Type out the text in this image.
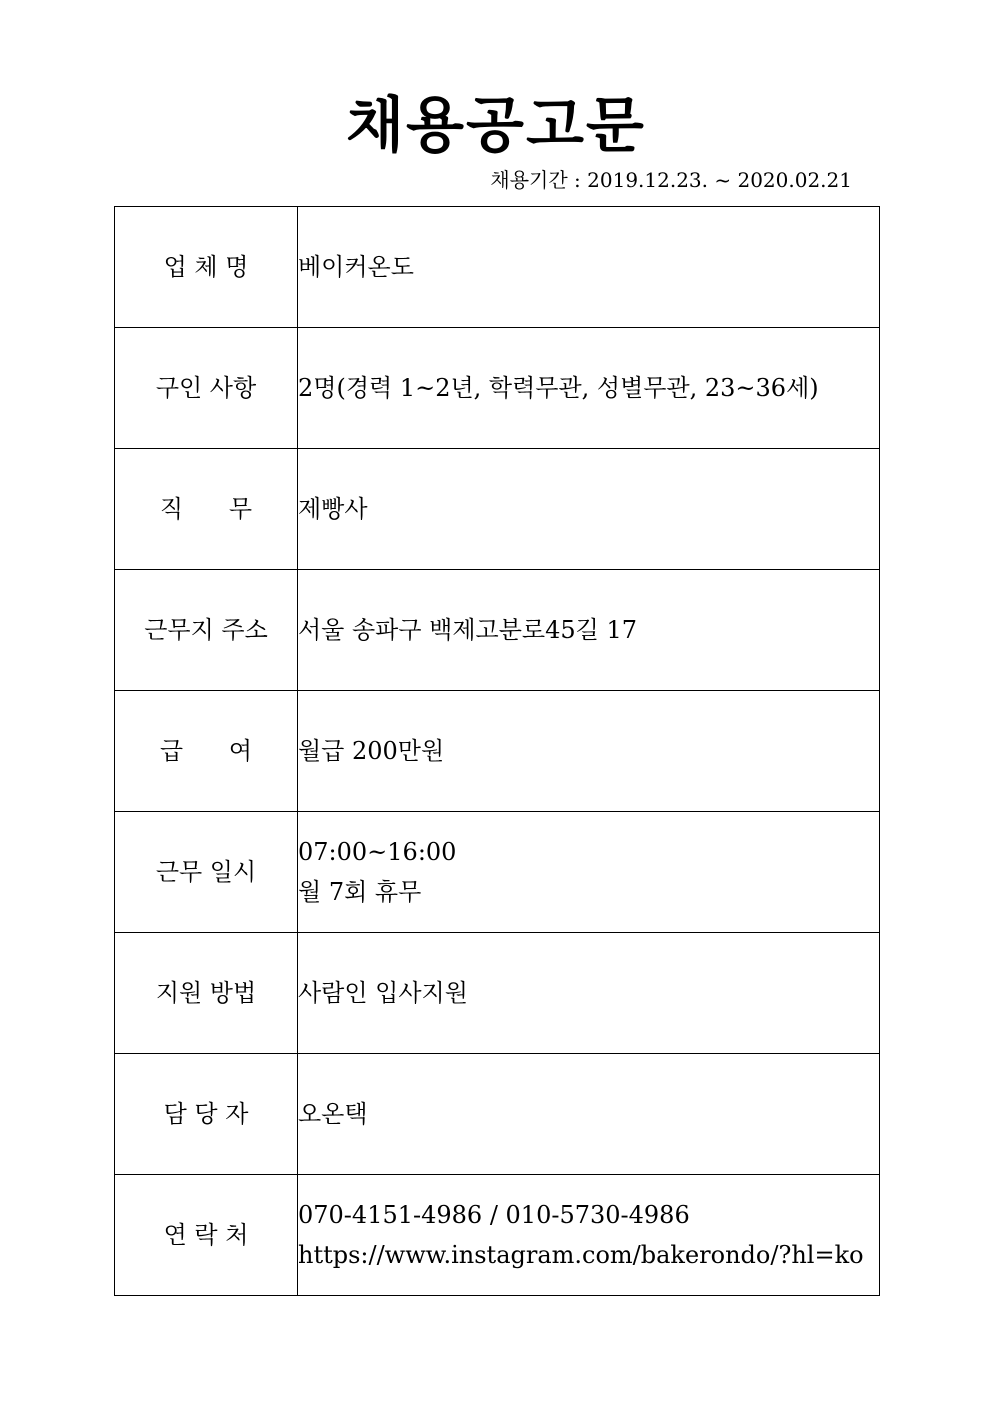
채용공고문
채용기간 : 2019.12.23. ~ 2020.02.21
업 체 명	베이커온도

구인 사항	2명(경력 1~2년, 학력무관, 성별무관, 23~36세)

직      무	제빵사

근무지 주소	서울 송파구 백제고분로45길 17

급      여	월급 200만원

근무 일시	07:00~16:00
월 7회 휴무

지원 방법	사람인 입사지원

담 당 자	오온택

연 락 처	070-4151-4986 / 010-5730-4986
https://www.instagram.com/bakerondo/?hl=ko
